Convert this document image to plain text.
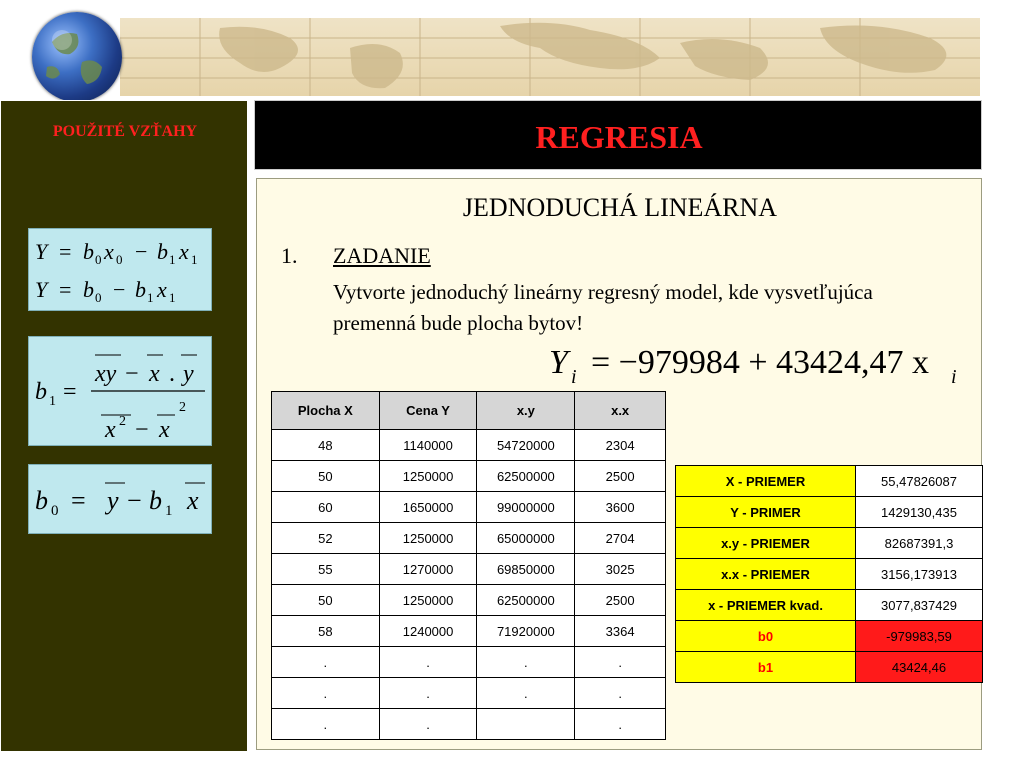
POUŽITÉ VZŤAHY
Y = b 0 x 0 − b 1 x 1
Y = b 0 − b 1 x 1
b 1 =
xy − x . y
x 2 − x
2
b 0 = y − b 1 x
REGRESIA
JEDNODUCHÁ LINEÁRNA
1. ZADANIE
Vytvorte jednoduchý lineárny regresný model, kde vysvetľujúca premenná bude plocha bytov!
Y i = −979984 + 43424,47 x i
Plocha X	Cena Y	x.y	x.x
48	1140000	54720000	2304
50	1250000	62500000	2500
60	1650000	99000000	3600
52	1250000	65000000	2704
55	1270000	69850000	3025
50	1250000	62500000	2500
58	1240000	71920000	3364
.	.	.	.
.	.	.	.
.	.		.
X - PRIEMER	55,47826087
Y - PRIMER	1429130,435
x.y - PRIEMER	82687391,3
x.x - PRIEMER	3156,173913
x - PRIEMER kvad.	3077,837429
b0	-979983,59
b1	43424,46
